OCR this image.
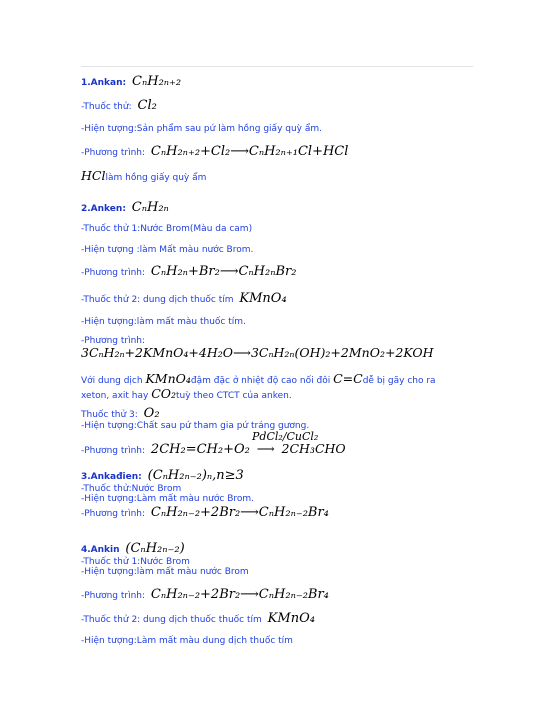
1.Ankan: CₙH₂ₙ₊₂
-Thuốc thử: Cl₂
-Hiện tượng:Sản phẩm sau pứ làm hồng giấy quỳ ẩm.
-Phương trình: CₙH₂ₙ₊₂+Cl₂⟶CₙH₂ₙ₊₁Cl+HCl
HCllàm hồng giấy quỳ ẩm
2.Anken: CₙH₂ₙ
-Thuốc thử 1:Nước Brom(Màu da cam)
-Hiện tượng :làm Mất màu nước Brom.
-Phương trình: CₙH₂ₙ+Br₂⟶CₙH₂ₙBr₂
-Thuốc thử 2: dung dịch thuốc tím KMnO₄
-Hiện tượng:làm mất màu thuốc tím.
-Phương trình:
3CₙH₂ₙ+2KMnO₄+4H₂O⟶3CₙH₂ₙ(OH)₂+2MnO₂+2KOH
Với dung dịch KMnO₄đậm đặc ở nhiệt độ cao nối đôi C=Cdễ bị gãy cho ra
xeton, axit hay CO₂tuỳ theo CTCT của anken.
Thuốc thử 3: O₂
-Hiện tượng:Chất sau pứ tham gia pứ tráng gương.
PdCl₂/CuCl₂
-Phương trình: 2CH₂=CH₂+O₂ ⟶ 2CH₃CHO
3.Ankađien: (CₙH₂ₙ₋₂)ₙ,n≥3
-Thuốc thử:Nước Brom
-Hiện tượng:Làm mất màu nước Brom.
-Phương trình: CₙH₂ₙ₋₂+2Br₂⟶CₙH₂ₙ₋₂Br₄
4.Ankin (CₙH₂ₙ₋₂)
-Thuốc thử 1:Nước Brom
-Hiện tượng:làm mất màu nước Brom
-Phương trình: CₙH₂ₙ₋₂+2Br₂⟶CₙH₂ₙ₋₂Br₄
-Thuốc thử 2: dung dịch thuốc thuốc tím KMnO₄
-Hiện tượng:Làm mất màu dung dịch thuốc tím
